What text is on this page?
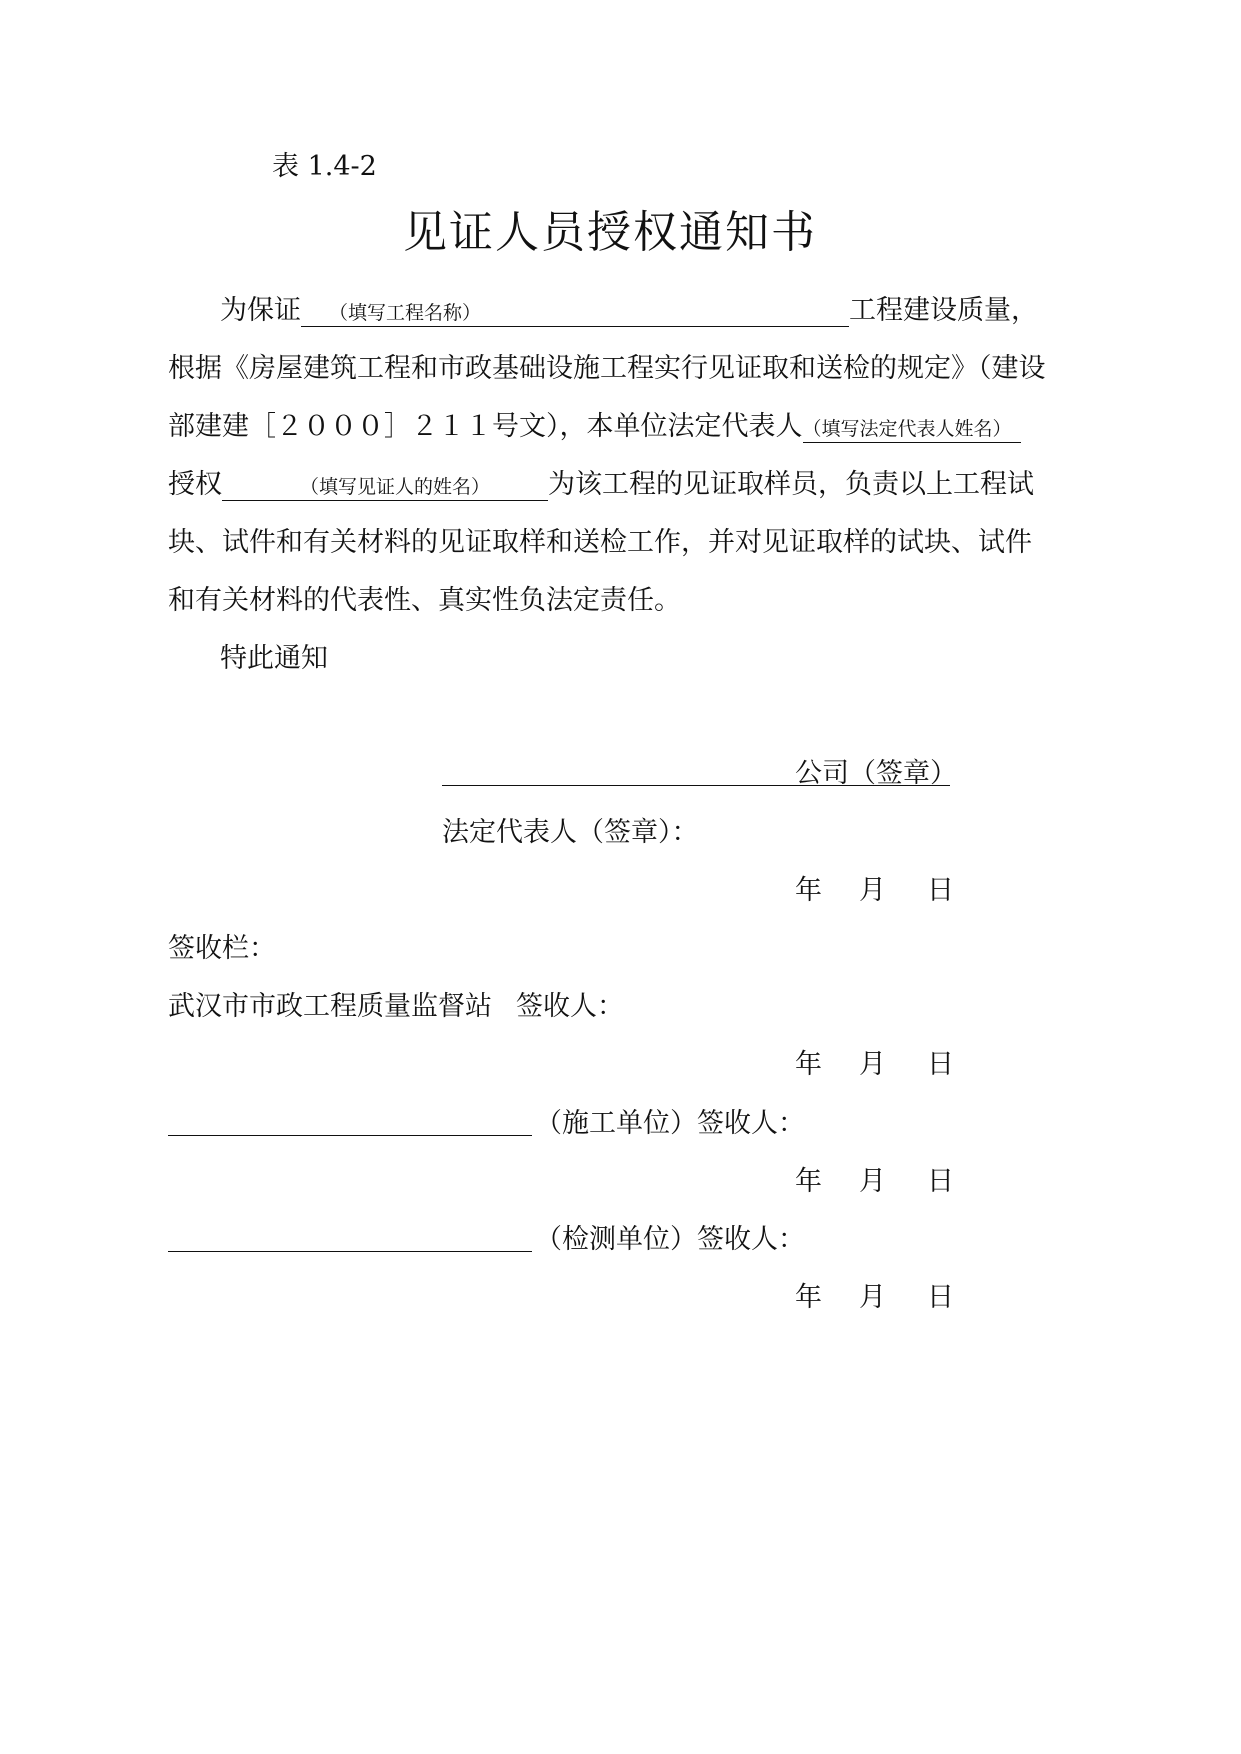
表 1.4-2
见证人员授权通知书
为保证 （填写工程名称）	工程建设质量，
根据《房屋建筑工程和市政基础设施工程实行见证取和送检的规定》（建设
部建建［２０００］２１１号文），本单位法定代表人（填写法定代表人姓名）
授权	（填写见证人的姓名） 为该工程的见证取样员，负责以上工程试
块、试件和有关材料的见证取样和送检工作，并对见证取样的试块、试件
和有关材料的代表性、真实性负法定责任。
特此通知
公司（签章）
法定代表人（签章）：
年 月 日
签收栏：
武汉市市政工程质量监督站 签收人：
年 月 日
（施工单位）签收人：
年 月 日
（检测单位）签收人：
年 月 日
